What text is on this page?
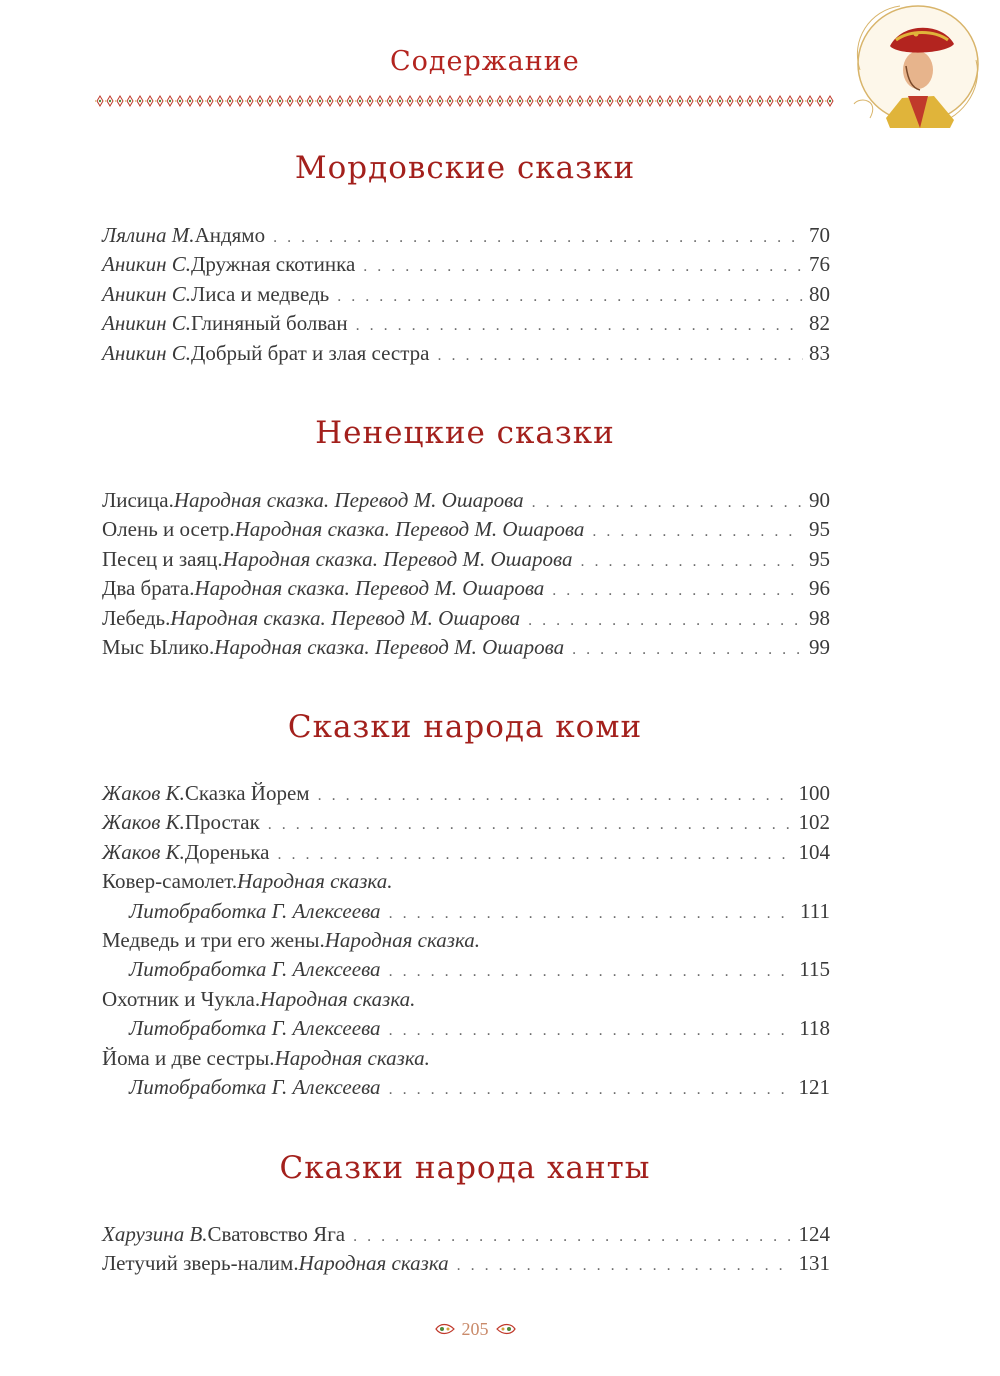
Содержание
Мордовские сказки
Лялина М. Андямо . . .	70
Аникин С. Дружная скотинка . . .	76
Аникин С. Лиса и медведь . . .	80
Аникин С. Глиняный болван . . .	82
Аникин С. Добрый брат и злая сестра . . .	83
Ненецкие сказки
Лисица. Народная сказка. Перевод М. Ошарова . . .	90
Олень и осетр. Народная сказка. Перевод М. Ошарова . . .	95
Песец и заяц. Народная сказка. Перевод М. Ошарова . . .	95
Два брата. Народная сказка. Перевод М. Ошарова . . .	96
Лебедь. Народная сказка. Перевод М. Ошарова . . .	98
Мыс Ылико. Народная сказка. Перевод М. Ошарова . . .	99
Сказки народа коми
Жаков К. Сказка Йорем . . .	100
Жаков К. Простак . . .	102
Жаков К. Доренька . . .	104
Ковер-самолет. Народная сказка.
Литобработка Г. Алексеева . . .	111
Медведь и три его жены. Народная сказка.
Литобработка Г. Алексеева . . .	115
Охотник и Чукла. Народная сказка.
Литобработка Г. Алексеева . . .	118
Йома и две сестры. Народная сказка.
Литобработка Г. Алексеева . . .	121
Сказки народа ханты
Харузина В. Сватовство Яга . . .	124
Летучий зверь-налим. Народная сказка . . .	131
205
